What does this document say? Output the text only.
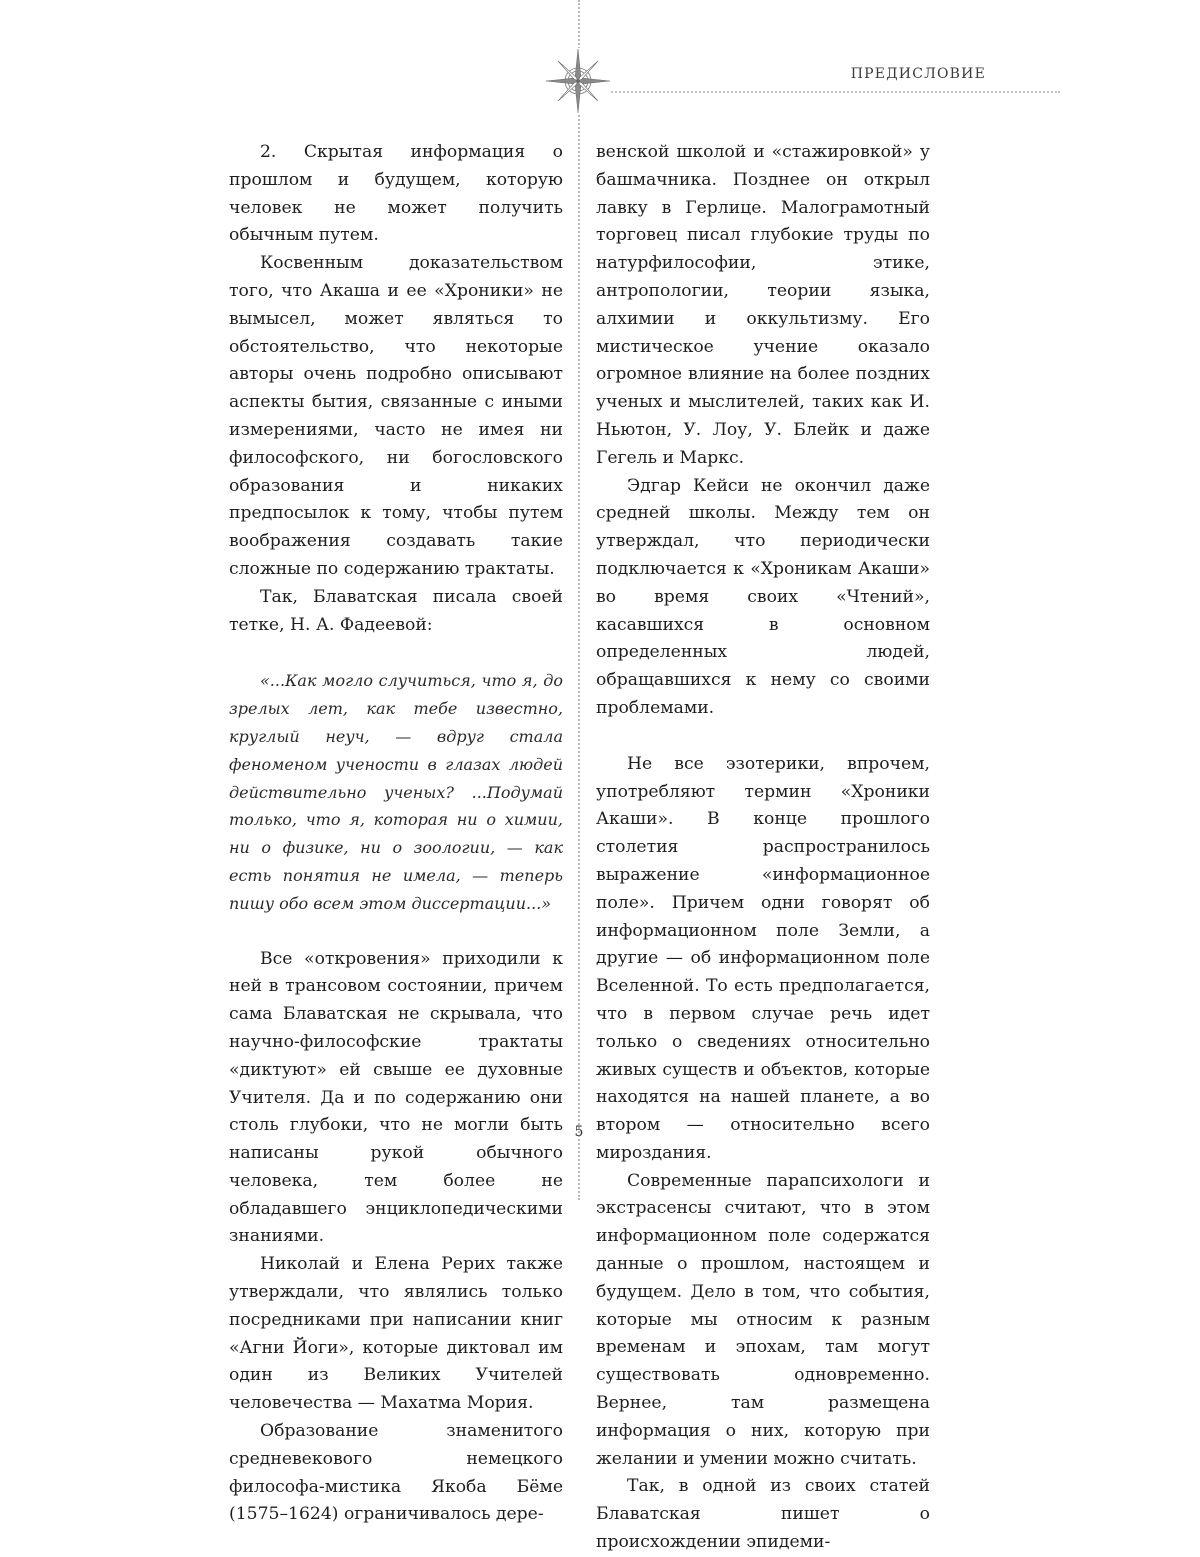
ПРЕДИСЛОВИЕ

2. Скрытая информация о прошлом и будущем, которую человек не может получить обычным путем.

Косвенным доказательством того, что Акаша и ее «Хроники» не вымысел, может являться то обстоятельство, что некоторые авторы очень подробно описывают аспекты бытия, связанные с иными измерениями, часто не имея ни философского, ни богословского образования и никаких предпосылок к тому, чтобы путем воображения создавать такие сложные по содержанию трактаты.

Так, Блаватская писала своей тетке, Н. А. Фадеевой:

«...Как могло случиться, что я, до зрелых лет, как тебе известно, круглый неуч, — вдруг стала феноменом учености в глазах людей действительно ученых? ...Подумай только, что я, которая ни о химии, ни о физике, ни о зоологии, — как есть понятия не имела, — теперь пишу обо всем этом диссертации...»

Все «откровения» приходили к ней в трансовом состоянии, причем сама Блаватская не скрывала, что научно-философские трактаты «диктуют» ей свыше ее духовные Учителя. Да и по содержанию они столь глубоки, что не могли быть написаны рукой обычного человека, тем более не обладавшего энциклопедическими знаниями.

Николай и Елена Рерих также утверждали, что являлись только посредниками при написании книг «Агни Йоги», которые диктовал им один из Великих Учителей человечества — Махатма Мория.

Образование знаменитого средневекового немецкого философа-мистика Якоба Бёме (1575–1624) ограничивалось дере-

венской школой и «стажировкой» у башмачника. Позднее он открыл лавку в Герлице. Малограмотный торговец писал глубокие труды по натурфилософии, этике, антропологии, теории языка, алхимии и оккультизму. Его мистическое учение оказало огромное влияние на более поздних ученых и мыслителей, таких как И. Ньютон, У. Лоу, У. Блейк и даже Гегель и Маркс.

Эдгар Кейси не окончил даже средней школы. Между тем он утверждал, что периодически подключается к «Хроникам Акаши» во время своих «Чтений», касавшихся в основном определенных людей, обращавшихся к нему со своими проблемами.

Не все эзотерики, впрочем, употребляют термин «Хроники Акаши». В конце прошлого столетия распространилось выражение «информационное поле». Причем одни говорят об информационном поле Земли, а другие — об информационном поле Вселенной. То есть предполагается, что в первом случае речь идет только о сведениях относительно живых существ и объектов, которые находятся на нашей планете, а во втором — относительно всего мироздания.

Современные парапсихологи и экстрасенсы считают, что в этом информационном поле содержатся данные о прошлом, настоящем и будущем. Дело в том, что события, которые мы относим к разным временам и эпохам, там могут существовать одновременно. Вернее, там размещена информация о них, которую при желании и умении можно считать.

Так, в одной из своих статей Блаватская пишет о происхождении эпидеми-

5
